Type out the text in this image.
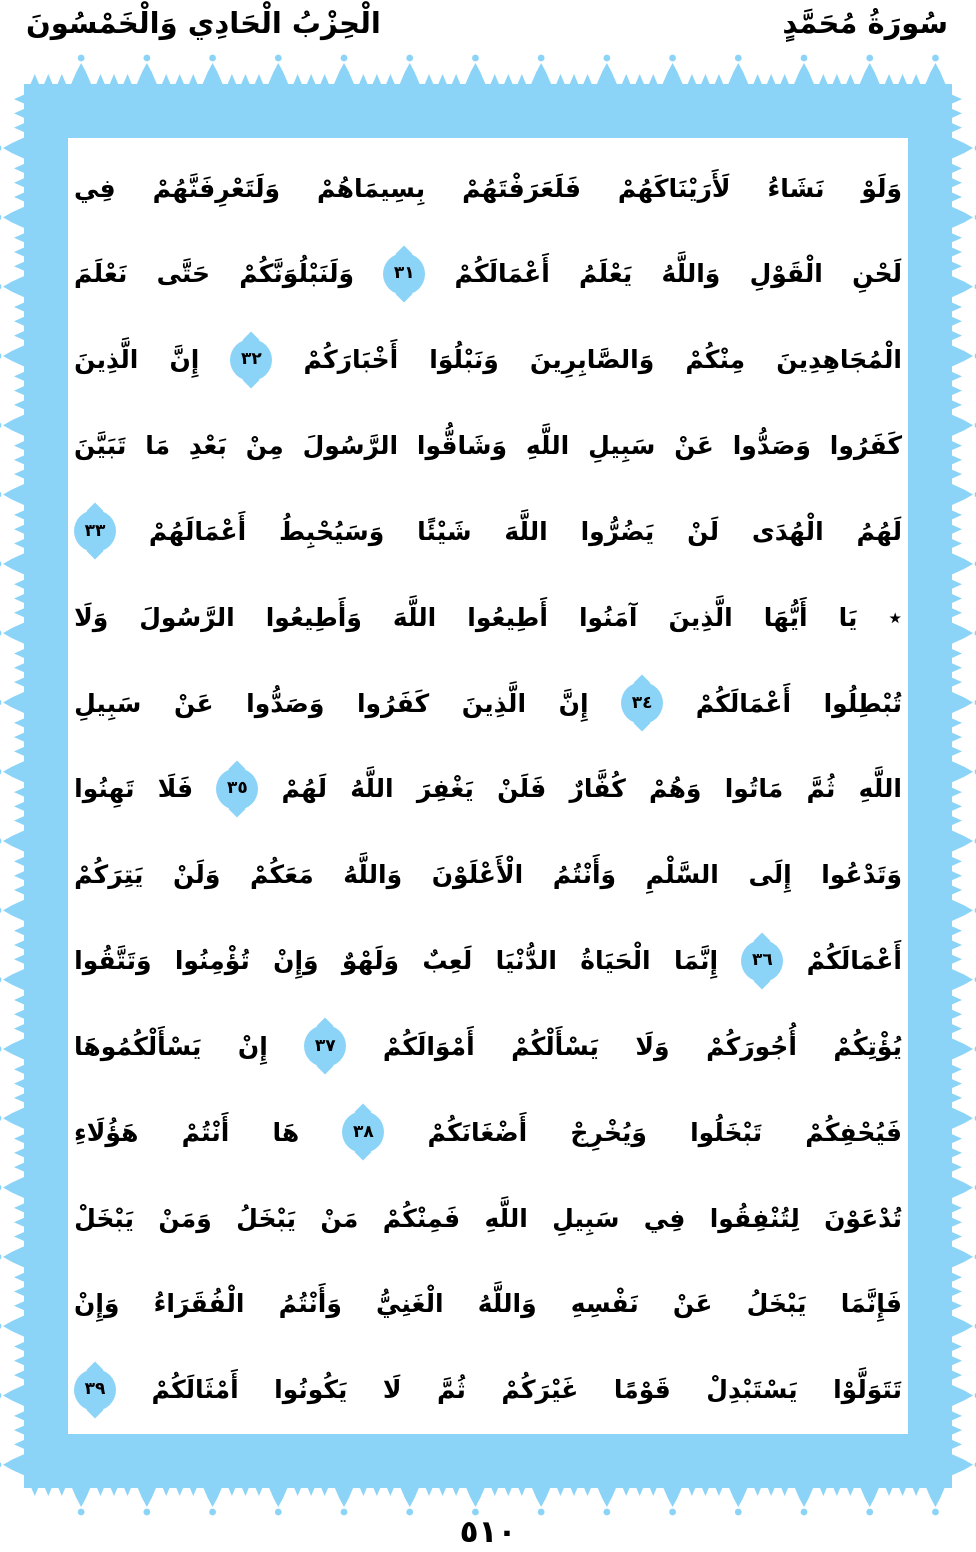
سُورَةُ مُحَمَّدٍ
الْحِزْبُ الْحَادِي وَالْخَمْسُونَ
وَلَوْ
نَشَاءُ
لَأَرَيْنَاكَهُمْ
فَلَعَرَفْتَهُمْ
بِسِيمَاهُمْ
وَلَتَعْرِفَنَّهُمْ
فِي
لَحْنِ
الْقَوْلِ
وَاللَّهُ
يَعْلَمُ
أَعْمَالَكُمْ
٣١
وَلَنَبْلُوَنَّكُمْ
حَتَّى
نَعْلَمَ
الْمُجَاهِدِينَ
مِنْكُمْ
وَالصَّابِرِينَ
وَنَبْلُوَا
أَخْبَارَكُمْ
٣٢
إِنَّ
الَّذِينَ
كَفَرُوا
وَصَدُّوا
عَنْ
سَبِيلِ
اللَّهِ
وَشَاقُّوا
الرَّسُولَ
مِنْ
بَعْدِ
مَا
تَبَيَّنَ
لَهُمُ
الْهُدَى
لَنْ
يَضُرُّوا
اللَّهَ
شَيْئًا
وَسَيُحْبِطُ
أَعْمَالَهُمْ
٣٣
٭
يَا
أَيُّهَا
الَّذِينَ
آمَنُوا
أَطِيعُوا
اللَّهَ
وَأَطِيعُوا
الرَّسُولَ
وَلَا
تُبْطِلُوا
أَعْمَالَكُمْ
٣٤
إِنَّ
الَّذِينَ
كَفَرُوا
وَصَدُّوا
عَنْ
سَبِيلِ
اللَّهِ
ثُمَّ
مَاتُوا
وَهُمْ
كُفَّارٌ
فَلَنْ
يَغْفِرَ
اللَّهُ
لَهُمْ
٣٥
فَلَا
تَهِنُوا
وَتَدْعُوا
إِلَى
السَّلْمِ
وَأَنْتُمُ
الْأَعْلَوْنَ
وَاللَّهُ
مَعَكُمْ
وَلَنْ
يَتِرَكُمْ
أَعْمَالَكُمْ
٣٦
إِنَّمَا
الْحَيَاةُ
الدُّنْيَا
لَعِبٌ
وَلَهْوٌ
وَإِنْ
تُؤْمِنُوا
وَتَتَّقُوا
يُؤْتِكُمْ
أُجُورَكُمْ
وَلَا
يَسْأَلْكُمْ
أَمْوَالَكُمْ
٣٧
إِنْ
يَسْأَلْكُمُوهَا
فَيُحْفِكُمْ
تَبْخَلُوا
وَيُخْرِجْ
أَضْغَانَكُمْ
٣٨
هَا
أَنْتُمْ
هَؤُلَاءِ
تُدْعَوْنَ
لِتُنْفِقُوا
فِي
سَبِيلِ
اللَّهِ
فَمِنْكُمْ
مَنْ
يَبْخَلُ
وَمَنْ
يَبْخَلْ
فَإِنَّمَا
يَبْخَلُ
عَنْ
نَفْسِهِ
وَاللَّهُ
الْغَنِيُّ
وَأَنْتُمُ
الْفُقَرَاءُ
وَإِنْ
تَتَوَلَّوْا
يَسْتَبْدِلْ
قَوْمًا
غَيْرَكُمْ
ثُمَّ
لَا
يَكُونُوا
أَمْثَالَكُمْ
٣٩
٥١٠
